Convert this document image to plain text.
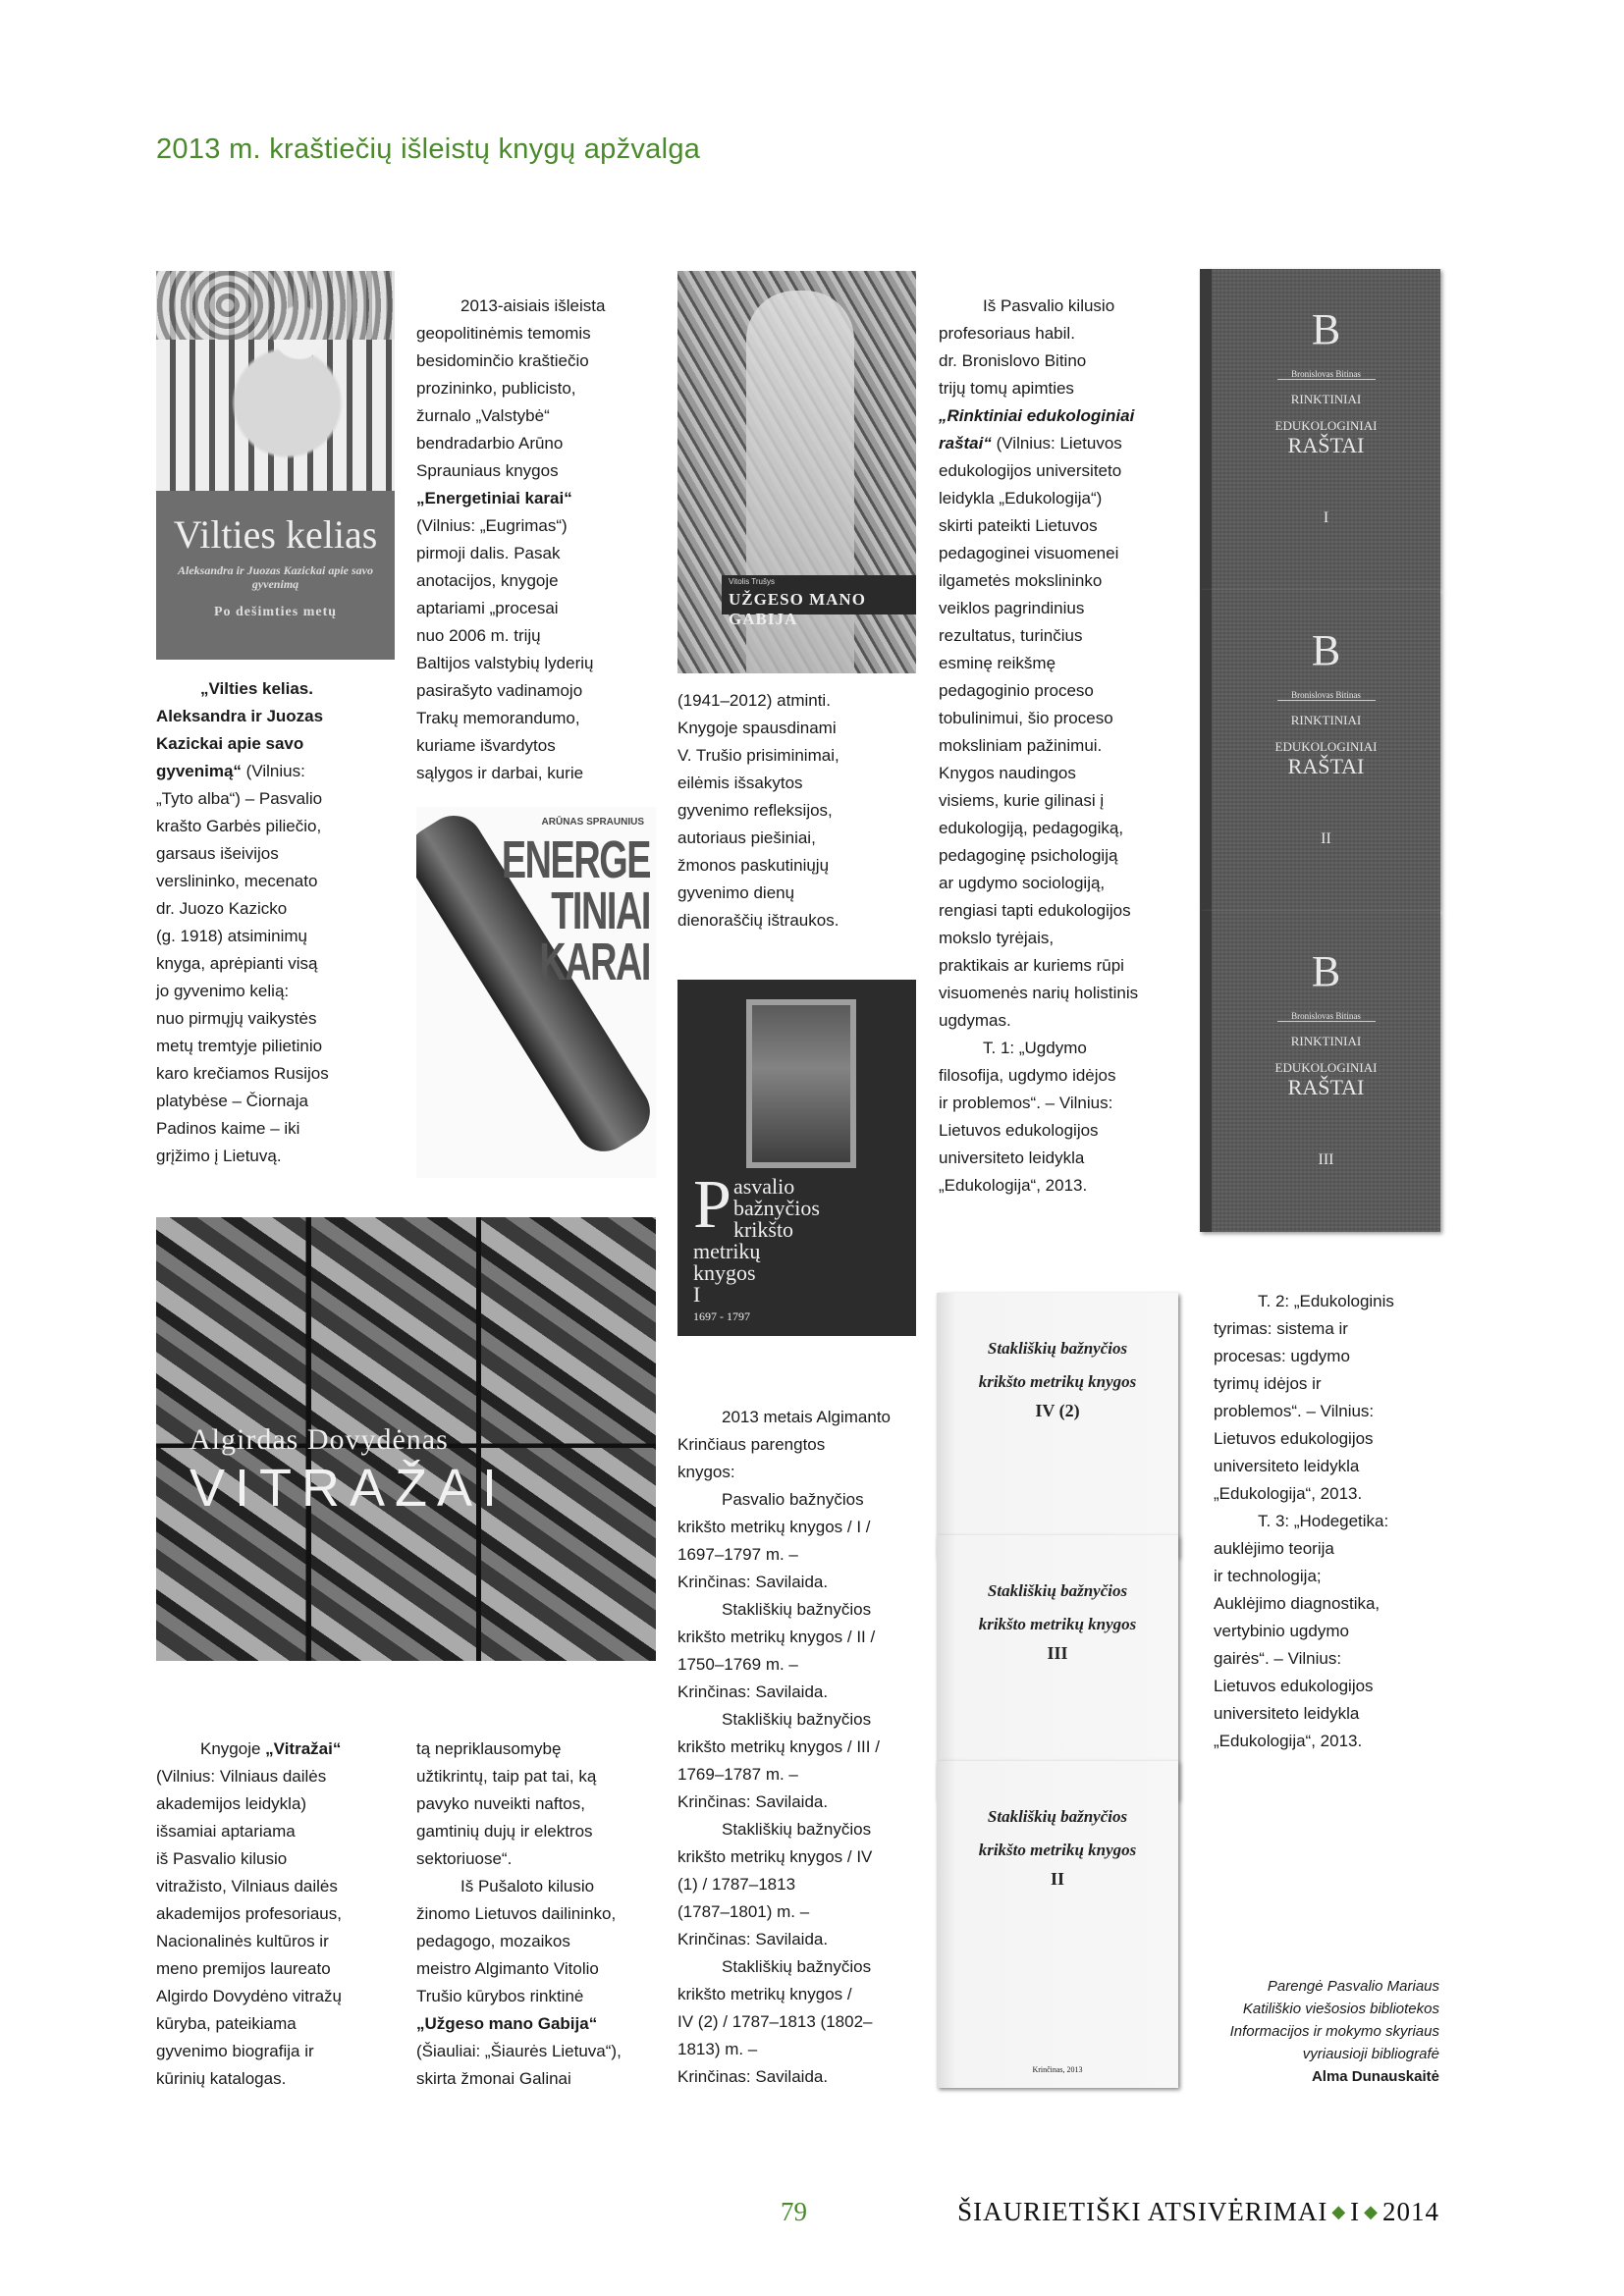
2013 m. kraštiečių išleistų knygų apžvalga
Vilties kelias
Aleksandra ir Juozas Kazickai apie savo gyvenimą
Po dešimties metų
ARŪNAS SPRAUNIUS
ENERGE
TINIAI
KARAI
Vitolis Trušys
UŽGESO MANO GABIJA
P asvalio bažnyčios
krikšto metrikų
knygos
I
1697 - 1797
B
Bronislovas Bitinas
RINKTINIAI
EDUKOLOGINIAI
RAŠTAI
I
B
Bronislovas Bitinas
RINKTINIAI
EDUKOLOGINIAI
RAŠTAI
II
B
Bronislovas Bitinas
RINKTINIAI
EDUKOLOGINIAI
RAŠTAI
III
Algirdas Dovydėnas
VITRAŽAI
Stakliškių bažnyčios
krikšto metrikų knygos
IV (2)
Stakliškių bažnyčios
krikšto metrikų knygos
III
Stakliškių bažnyčios
krikšto metrikų knygos
II
Krinčinas, 2013
„Vilties kelias.
Aleksandra ir Juozas
Kazickai apie savo
gyvenimą“ (Vilnius:
„Tyto alba“) – Pasvalio
krašto Garbės piliečio,
garsaus išeivijos
verslininko, mecenato
dr. Juozo Kazicko
(g. 1918) atsiminimų
knyga, aprėpianti visą
jo gyvenimo kelią:
nuo pirmųjų vaikystės
metų tremtyje pilietinio
karo krečiamos Rusijos
platybėse – Čiornaja
Padinos kaime – iki
grįžimo į Lietuvą.
2013-aisiais išleista
geopolitinėmis temomis
besidominčio kraštiečio
prozininko, publicisto,
žurnalo „Valstybė“
bendradarbio Arūno
Sprauniaus knygos
„Energetiniai karai“
(Vilnius: „Eugrimas“)
pirmoji dalis. Pasak
anotacijos, knygoje
aptariami „procesai
nuo 2006 m. trijų
Baltijos valstybių lyderių
pasirašyto vadinamojo
Trakų memorandumo,
kuriame išvardytos
sąlygos ir darbai, kurie
(1941–2012) atminti.
Knygoje spausdinami
V. Trušio prisiminimai,
eilėmis išsakytos
gyvenimo refleksijos,
autoriaus piešiniai,
žmonos paskutiniųjų
gyvenimo dienų
dienoraščių ištraukos.
Iš Pasvalio kilusio
profesoriaus habil.
dr. Bronislovo Bitino
trijų tomų apimties
„Rinktiniai edukologiniai
raštai“ (Vilnius: Lietuvos
edukologijos universiteto
leidykla „Edukologija“)
skirti pateikti Lietuvos
pedagoginei visuomenei
ilgametės mokslininko
veiklos pagrindinius
rezultatus, turinčius
esminę reikšmę
pedagoginio proceso
tobulinimui, šio proceso
moksliniam pažinimui.
Knygos naudingos
visiems, kurie gilinasi į
edukologiją, pedagogiką,
pedagoginę psichologiją
ar ugdymo sociologiją,
rengiasi tapti edukologijos
mokslo tyrėjais,
praktikais ar kuriems rūpi
visuomenės narių holistinis
ugdymas.
T. 1: „Ugdymo
filosofija, ugdymo idėjos
ir problemos“. – Vilnius:
Lietuvos edukologijos
universiteto leidykla
„Edukologija“, 2013.
Knygoje „Vitražai“
(Vilnius: Vilniaus dailės
akademijos leidykla)
išsamiai aptariama
iš Pasvalio kilusio
vitražisto, Vilniaus dailės
akademijos profesoriaus,
Nacionalinės kultūros ir
meno premijos laureato
Algirdo Dovydėno vitražų
kūryba, pateikiama
gyvenimo biografija ir
kūrinių katalogas.
tą nepriklausomybę
užtikrintų, taip pat tai, ką
pavyko nuveikti naftos,
gamtinių dujų ir elektros
sektoriuose“.
Iš Pušaloto kilusio
žinomo Lietuvos dailininko,
pedagogo, mozaikos
meistro Algimanto Vitolio
Trušio kūrybos rinktinė
„Užgeso mano Gabija“
(Šiauliai: „Šiaurės Lietuva“),
skirta žmonai Galinai
2013 metais Algimanto
Krinčiaus parengtos
knygos:
Pasvalio bažnyčios
krikšto metrikų knygos / I /
1697–1797 m. –
Krinčinas: Savilaida.
Stakliškių bažnyčios
krikšto metrikų knygos / II /
1750–1769 m. –
Krinčinas: Savilaida.
Stakliškių bažnyčios
krikšto metrikų knygos / III /
1769–1787 m. –
Krinčinas: Savilaida.
Stakliškių bažnyčios
krikšto metrikų knygos / IV
(1) / 1787–1813
(1787–1801) m. –
Krinčinas: Savilaida.
Stakliškių bažnyčios
krikšto metrikų knygos /
IV (2) / 1787–1813 (1802–
1813) m. –
Krinčinas: Savilaida.
T. 2: „Edukologinis
tyrimas: sistema ir
procesas: ugdymo
tyrimų idėjos ir
problemos“. – Vilnius:
Lietuvos edukologijos
universiteto leidykla
„Edukologija“, 2013.
T. 3: „Hodegetika:
auklėjimo teorija
ir technologija;
Auklėjimo diagnostika,
vertybinio ugdymo
gairės“. – Vilnius:
Lietuvos edukologijos
universiteto leidykla
„Edukologija“, 2013.
Parengė Pasvalio Mariaus
Katiliškio viešosios bibliotekos
Informacijos ir mokymo skyriaus
vyriausioji bibliografė
Alma Dunauskaitė
79	ŠIAURIETIŠKI ATSIVĖRIMAI ◆ I ◆ 2014
